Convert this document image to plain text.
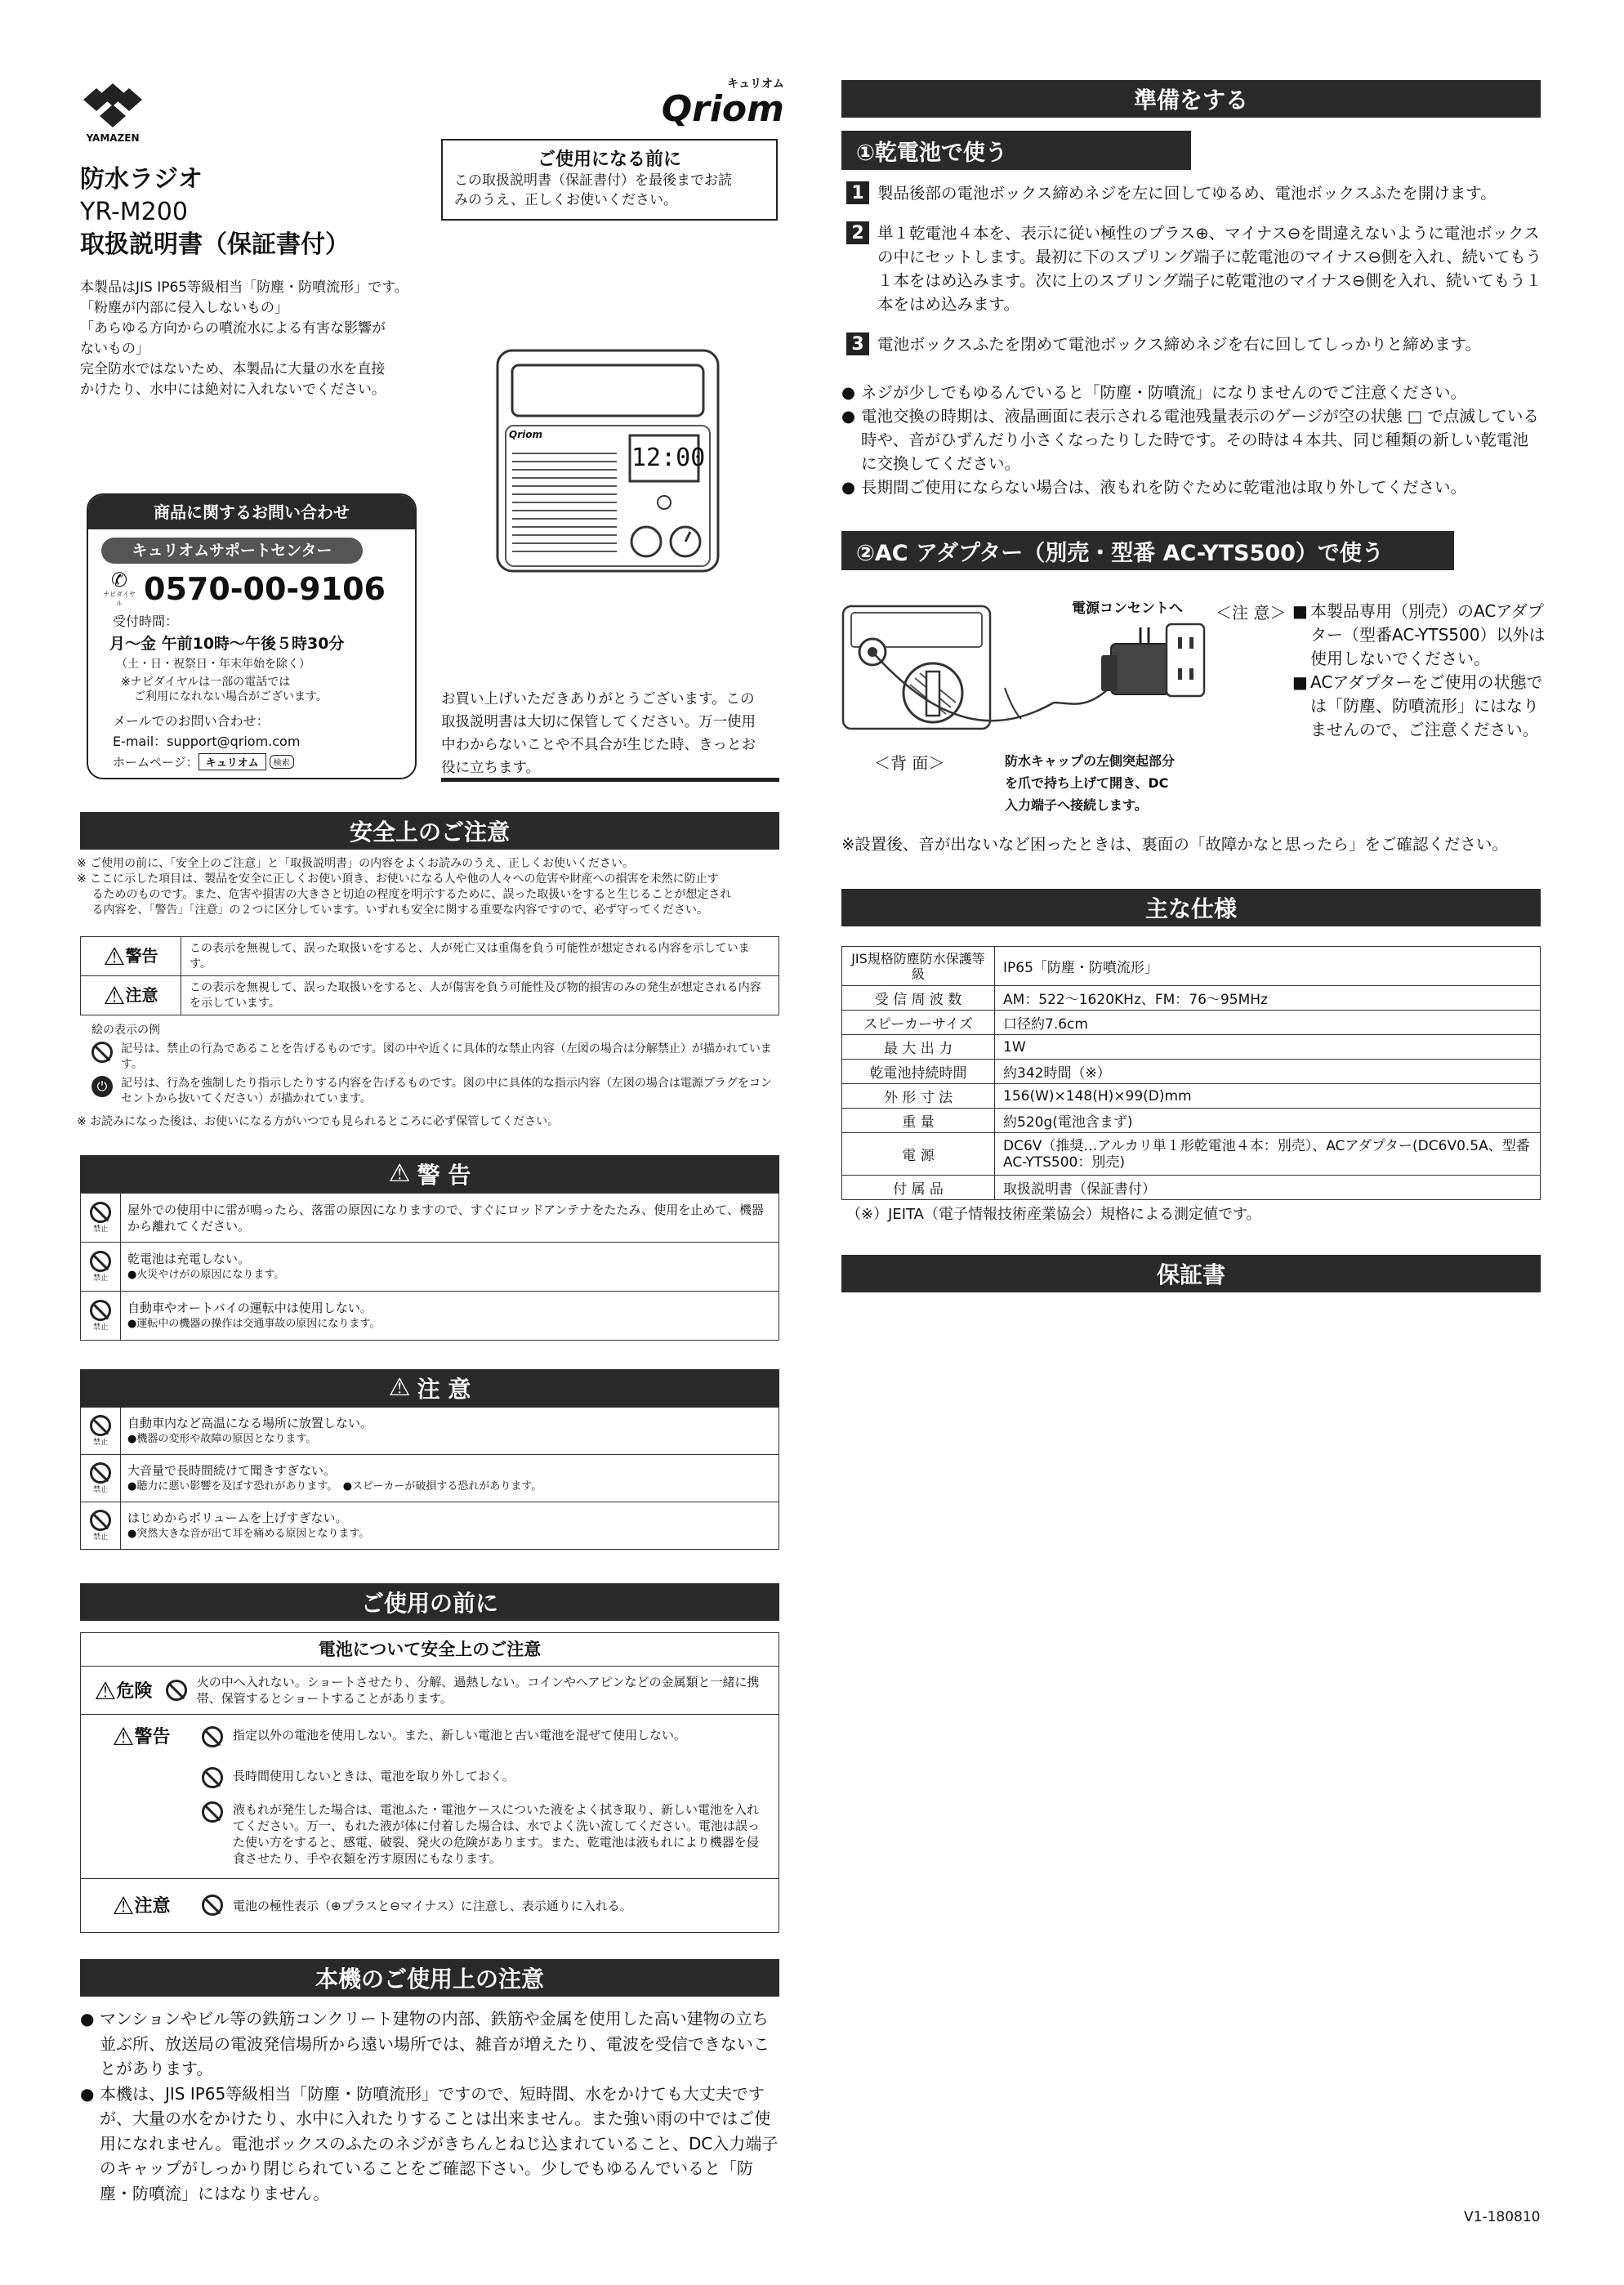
YAMAZEN
キュリオム
Qriom
防水ラジオ
YR-M200
取扱説明書（保証書付）
本製品はJIS IP65等級相当「防塵・防噴流形」です。
「粉塵が内部に侵入しないもの」
「あらゆる方向からの噴流水による有害な影響が
ないもの」
完全防水ではないため、本製品に大量の水を直接
かけたり、水中には絶対に入れないでください。
ご使用になる前に
この取扱説明書（保証書付）を最後までお読
みのうえ、正しくお使いください。
Qriom
12:00
商品に関するお問い合わせ
キュリオムサポートセンター
✆
ナビダイヤル 0570-00-9106
受付時間：
月～金 午前10時～午後５時30分
（土・日・祝祭日・年末年始を除く）
※ナビダイヤルは一部の電話では
ご利用になれない場合がございます。
メールでのお問い合わせ：
E-mail：support@qriom.com
ホームページ： キュリオム	検索
お買い上げいただきありがとうございます。この
取扱説明書は大切に保管してください。万一使用
中わからないことや不具合が生じた時、きっとお
役に立ちます。
安全上のご注意
※ ご使用の前に、「安全上のご注意」と「取扱説明書」の内容をよくお読みのうえ、正しくお使いください。
※ ここに示した項目は、製品を安全に正しくお使い頂き、お使いになる人や他の人々への危害や財産への損害を未然に防止す
　 るためのものです。また、危害や損害の大きさと切迫の程度を明示するために、誤った取扱いをすると生じることが想定され
　 る内容を、「警告」「注意」の２つに区分しています。いずれも安全に関する重要な内容ですので、必ず守ってください。
⚠警告	この表示を無視して、誤った取扱いをすると、人が死亡又は重傷を負う可能性が想定される内容を示しています。
⚠注意	この表示を無視して、誤った取扱いをすると、人が傷害を負う可能性及び物的損害のみの発生が想定される内容を示しています。
絵の表示の例
記号は、禁止の行為であることを告げるものです。図の中や近くに具体的な禁止内容（左図の場合は分解禁止）が描かれています。
⏻	記号は、行為を強制したり指示したりする内容を告げるものです。図の中に具体的な指示内容（左図の場合は電源プラグをコンセントから抜いてください）が描かれています。
※ お読みになった後は、お使いになる方がいつでも見られるところに必ず保管してください。
⚠ 警 告

禁止	屋外での使用中に雷が鳴ったら、落雷の原因になりますので、すぐにロッドアンテナをたたみ、使用を止めて、機器から離れてください。

禁止	乾電池は充電しない。
●火災やけがの原因になります。

禁止	自動車やオートバイの運転中は使用しない。
●運転中の機器の操作は交通事故の原因になります。
⚠ 注 意

禁止	自動車内など高温になる場所に放置しない。
●機器の変形や故障の原因となります。

禁止	大音量で長時間続けて聞きすぎない。
●聴力に悪い影響を及ぼす恐れがあります。　●スピーカーが破損する恐れがあります。

禁止	はじめからボリュームを上げすぎない。
●突然大きな音が出て耳を痛める原因となります。
ご使用の前に
電池について安全上のご注意
⚠危険	火の中へ入れない。ショートさせたり、分解、過熱しない。コインやヘアピンなどの金属類と一緒に携帯、保管するとショートすることがあります。
⚠警告	指定以外の電池を使用しない。また、新しい電池と古い電池を混ぜて使用しない。
長時間使用しないときは、電池を取り外しておく。
液もれが発生した場合は、電池ふた・電池ケースについた液をよく拭き取り、新しい電池を入れてください。万一、もれた液が体に付着した場合は、水でよく洗い流してください。電池は誤った使い方をすると、感電、破裂、発火の危険があります。また、乾電池は液もれにより機器を侵食させたり、手や衣類を汚す原因にもなります。
⚠注意	電池の極性表示（⊕プラスと⊖マイナス）に注意し、表示通りに入れる。
本機のご使用上の注意
● マンションやビル等の鉄筋コンクリート建物の内部、鉄筋や金属を使用した高い建物の立ち並ぶ所、放送局の電波発信場所から遠い場所では、雑音が増えたり、電波を受信できないことがあります。
● 本機は、JIS IP65等級相当「防塵・防噴流形」ですので、短時間、水をかけても大丈夫ですが、大量の水をかけたり、水中に入れたりすることは出来ません。また強い雨の中ではご使用になれません。電池ボックスのふたのネジがきちんとねじ込まれていること、DC入力端子のキャップがしっかり閉じられていることをご確認下さい。少しでもゆるんでいると「防塵・防噴流」にはなりません。
準備をする
①乾電池で使う
1 製品後部の電池ボックス締めネジを左に回してゆるめ、電池ボックスふたを開けます。
2 単１乾電池４本を、表示に従い極性のプラス⊕、マイナス⊖を間違えないように電池ボックスの中にセットします。最初に下のスプリング端子に乾電池のマイナス⊖側を入れ、続いてもう１本をはめ込みます。次に上のスプリング端子に乾電池のマイナス⊖側を入れ、続いてもう１本をはめ込みます。
3 電池ボックスふたを閉めて電池ボックス締めネジを右に回してしっかりと締めます。
● ネジが少しでもゆるんでいると「防塵・防噴流」になりませんのでご注意ください。
● 電池交換の時期は、液晶画面に表示される電池残量表示のゲージが空の状態 □ で点滅している時や、音がひずんだり小さくなったりした時です。その時は４本共、同じ種類の新しい乾電池に交換してください。
● 長期間ご使用にならない場合は、液もれを防ぐために乾電池は取り外してください。
②AC アダプター（別売・型番 AC-YTS500）で使う
電源コンセントへ
＜背 面＞	防水キャップの左側突起部分
を爪で持ち上げて開き、DC
入力端子へ接続します。
＜注 意＞ ■ 本製品専用（別売）のACアダプター（型番AC-YTS500）以外は使用しないでください。
■ ACアダプターをご使用の状態では「防塵、防噴流形」にはなりませんので、ご注意ください。
※設置後、音が出ないなど困ったときは、裏面の「故障かなと思ったら」をご確認ください。
主な仕様
JIS規格防塵防水保護等級	IP65「防塵・防噴流形」
受 信 周 波 数	AM：522～1620KHz、FM：76～95MHz
スピーカーサイズ	口径約7.6cm
最 大 出 力	1W
乾電池持続時間	約342時間（※）
外 形 寸 法	156(W)×148(H)×99(D)mm
重 量	約520g(電池含まず)
電 源	DC6V（推奨…アルカリ単１形乾電池４本：別売）、ACアダプター(DC6V0.5A、型番AC-YTS500：別売)
付 属 品	取扱説明書（保証書付）
（※）JEITA（電子情報技術産業協会）規格による測定値です。
保証書
V1-180810
